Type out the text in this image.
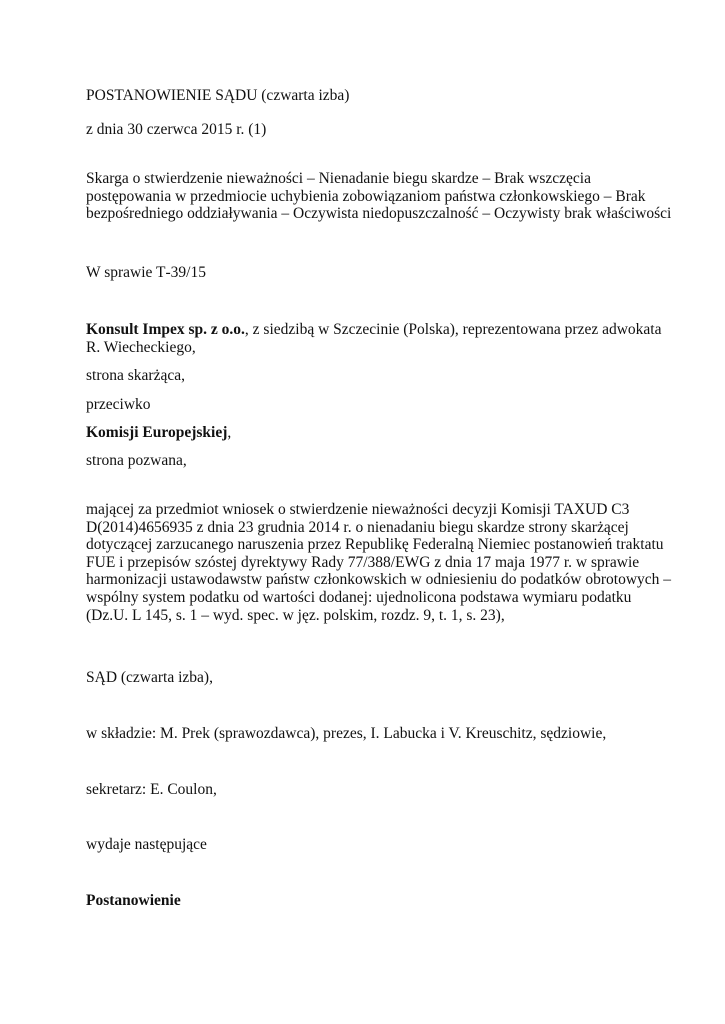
POSTANOWIENIE SĄDU (czwarta izba)
z dnia 30 czerwca 2015 r. (1)
Skarga o stwierdzenie nieważności – Nienadanie biegu skardze – Brak wszczęcia
postępowania w przedmiocie uchybienia zobowiązaniom państwa członkowskiego – Brak
bezpośredniego oddziaływania – Oczywista niedopuszczalność – Oczywisty brak właściwości
W sprawie T‑39/15
Konsult Impex sp. z o.o., z siedzibą w Szczecinie (Polska), reprezentowana przez adwokata
R. Wiecheckiego,
strona skarżąca,
przeciwko
Komisji Europejskiej,
strona pozwana,
mającej za przedmiot wniosek o stwierdzenie nieważności decyzji Komisji TAXUD C3
D(2014)4656935 z dnia 23 grudnia 2014 r. o nienadaniu biegu skardze strony skarżącej
dotyczącej zarzucanego naruszenia przez Republikę Federalną Niemiec postanowień traktatu
FUE i przepisów szóstej dyrektywy Rady 77/388/EWG z dnia 17 maja 1977 r. w sprawie
harmonizacji ustawodawstw państw członkowskich w odniesieniu do podatków obrotowych –
wspólny system podatku od wartości dodanej: ujednolicona podstawa wymiaru podatku
(Dz.U. L 145, s. 1 – wyd. spec. w jęz. polskim, rozdz. 9, t. 1, s. 23),
SĄD (czwarta izba),
w składzie: M. Prek (sprawozdawca), prezes, I. Labucka i V. Kreuschitz, sędziowie,
sekretarz: E. Coulon,
wydaje następujące
Postanowienie
